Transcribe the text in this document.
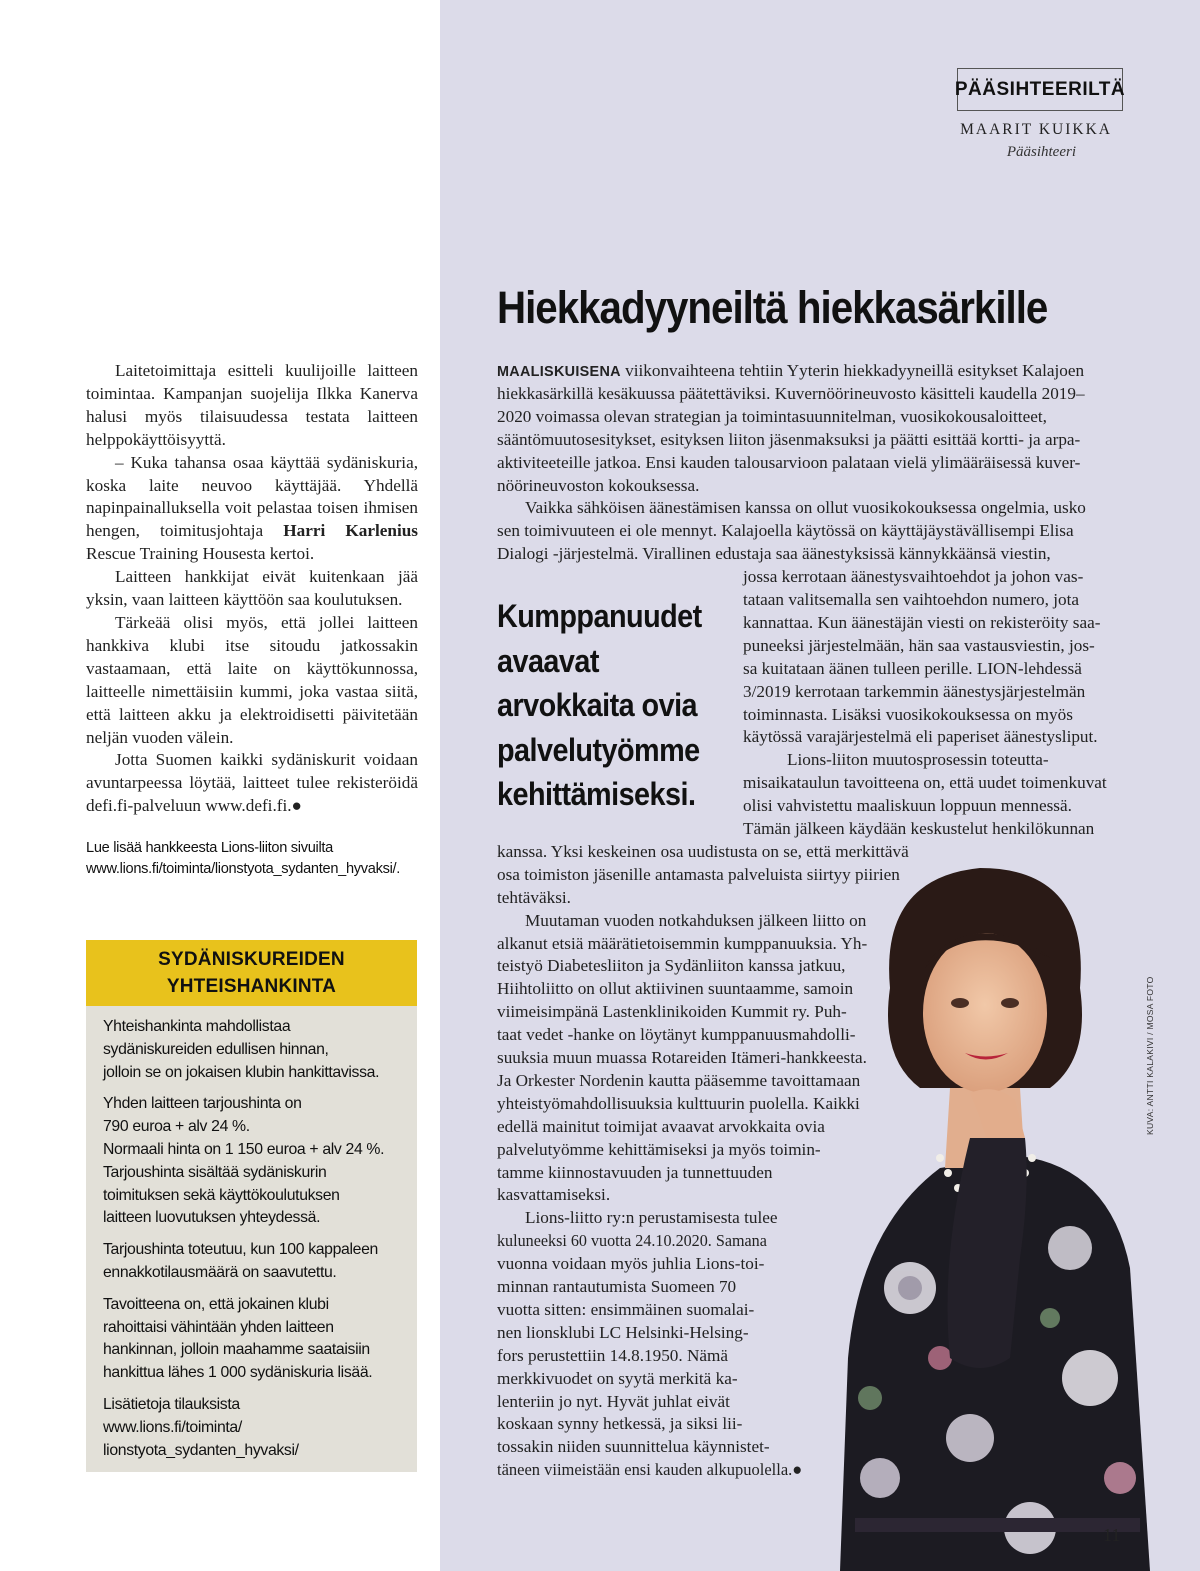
PÄÄSIHTEERILTÄ
MAARIT KUIKKA
Pääsihteeri
Hiekkadyyneiltä hiekkasärkille

Laitetoimittaja esitteli kuulijoille laitteen toimintaa. Kampanjan suojelija Ilkka Kanerva halusi myös tilaisuudessa testata laitteen helppokäyttöisyyttä.

– Kuka tahansa osaa käyttää sydäniskuria, koska laite neuvoo käyttäjää. Yhdellä napinpainalluksella voit pelastaa toisen ihmisen hengen, toimitusjohtaja Harri Karlenius Rescue Training Housesta kertoi.

Laitteen hankkijat eivät kuitenkaan jää yksin, vaan laitteen käyttöön saa koulutuksen.

Tärkeää olisi myös, että jollei laitteen hankkiva klubi itse sitoudu jatkossakin vastaamaan, että laite on käyttökunnossa, laitteelle nimettäisiin kummi, joka vastaa siitä, että laitteen akku ja elektroidisetti päivitetään neljän vuoden välein.

Jotta Suomen kaikki sydäniskurit voidaan avuntarpeessa löytää, laitteet tulee rekisteröidä defi.fi-palveluun www.defi.fi.●

Lue lisää hankkeesta Lions-liiton sivuilta
www.lions.fi/toiminta/lionstyota_sydanten_hyvaksi/.
SYDÄNISKUREIDEN
YHTEISHANKINTA
Yhteishankinta mahdollistaa
sydäniskureiden edullisen hinnan,
jolloin se on jokaisen klubin hankittavissa.
Yhden laitteen tarjoushinta on
790 euroa + alv 24 %.
Normaali hinta on 1 150 euroa + alv 24 %.
Tarjoushinta sisältää sydäniskurin
toimituksen sekä käyttökoulutuksen
laitteen luovutuksen yhteydessä.
Tarjoushinta toteutuu, kun 100 kappaleen
ennakkotilausmäärä on saavutettu.
Tavoitteena on, että jokainen klubi
rahoittaisi vähintään yhden laitteen
hankinnan, jolloin maahamme saataisiin
hankittua lähes 1 000 sydäniskuria lisää.
Lisätietoja tilauksista
www.lions.fi/toiminta/
lionstyota_sydanten_hyvaksi/
MAALISKUISENA viikonvaihteena tehtiin Yyterin hiekkadyyneillä esitykset Kalajoen
hiekkasärkillä kesäkuussa päätettäviksi. Kuvernöörineuvosto käsitteli kaudella 2019–
2020 voimassa olevan strategian ja toimintasuunnitelman, vuosikokousaloitteet,
sääntömuutosesitykset, esityksen liiton jäsenmaksuksi ja päätti esittää kortti- ja arpa-
aktiviteeteille jatkoa. Ensi kauden talousarvioon palataan vielä ylimääräisessä kuver-
nöörineuvoston kokouksessa.
Vaikka sähköisen äänestämisen kanssa on ollut vuosikokouksessa ongelmia, usko
sen toimivuuteen ei ole mennyt. Kalajoella käytössä on käyttäjäystävällisempi Elisa
Dialogi -järjestelmä. Virallinen edustaja saa äänestyksissä kännykkäänsä viestin,
jossa kerrotaan äänestysvaihtoehdot ja johon vas-
tataan valitsemalla sen vaihtoehdon numero, jota
kannattaa. Kun äänestäjän viesti on rekisteröity saa-
puneeksi järjestelmään, hän saa vastausviestin, jos-
sa kuitataan äänen tulleen perille. LION-lehdessä
3/2019 kerrotaan tarkemmin äänestysjärjestelmän
toiminnasta. Lisäksi vuosikokouksessa on myös
käytössä varajärjestelmä eli paperiset äänestysliput.
Lions-liiton muutosprosessin toteutta-
misaikataulun tavoitteena on, että uudet toimenkuvat
olisi vahvistettu maaliskuun loppuun mennessä.
Tämän jälkeen käydään keskustelut henkilökunnan
kanssa. Yksi keskeinen osa uudistusta on se, että merkittävä
osa toimiston jäsenille antamasta palveluista siirtyy piirien
tehtäväksi.
Muutaman vuoden notkahduksen jälkeen liitto on
alkanut etsiä määrätietoisemmin kumppanuuksia. Yh-
teistyö Diabetesliiton ja Sydänliiton kanssa jatkuu,
Hiihtoliitto on ollut aktiivinen suuntaamme, samoin
viimeisimpänä Lastenklinikoiden Kummit ry. Puh-
taat vedet -hanke on löytänyt kumppanuusmahdolli-
suuksia muun muassa Rotareiden Itämeri-hankkeesta.
Ja Orkester Nordenin kautta pääsemme tavoittamaan
yhteistyömahdollisuuksia kulttuurin puolella. Kaikki
edellä mainitut toimijat avaavat arvokkaita ovia
palvelutyömme kehittämiseksi ja myös toimin-
tamme kiinnostavuuden ja tunnettuuden
kasvattamiseksi.
Lions-liitto ry:n perustamisesta tulee
kuluneeksi 60 vuotta 24.10.2020. Samana
vuonna voidaan myös juhlia Lions-toi-
minnan rantautumista Suomeen 70
vuotta sitten: ensimmäinen suomalai-
nen lionsklubi LC Helsinki-Helsing-
fors perustettiin 14.8.1950. Nämä
merkkivuodet on syytä merkitä ka-
lenteriin jo nyt. Hyvät juhlat eivät
koskaan synny hetkessä, ja siksi lii-
tossakin niiden suunnittelua käynnistet-
täneen viimeistään ensi kauden alkupuolella.●
Kumppanuudet
avaavat
arvokkaita ovia
palvelutyömme
kehittämiseksi.
KUVA: ANTTI KALAKIVI / MOSA FOTO
11
